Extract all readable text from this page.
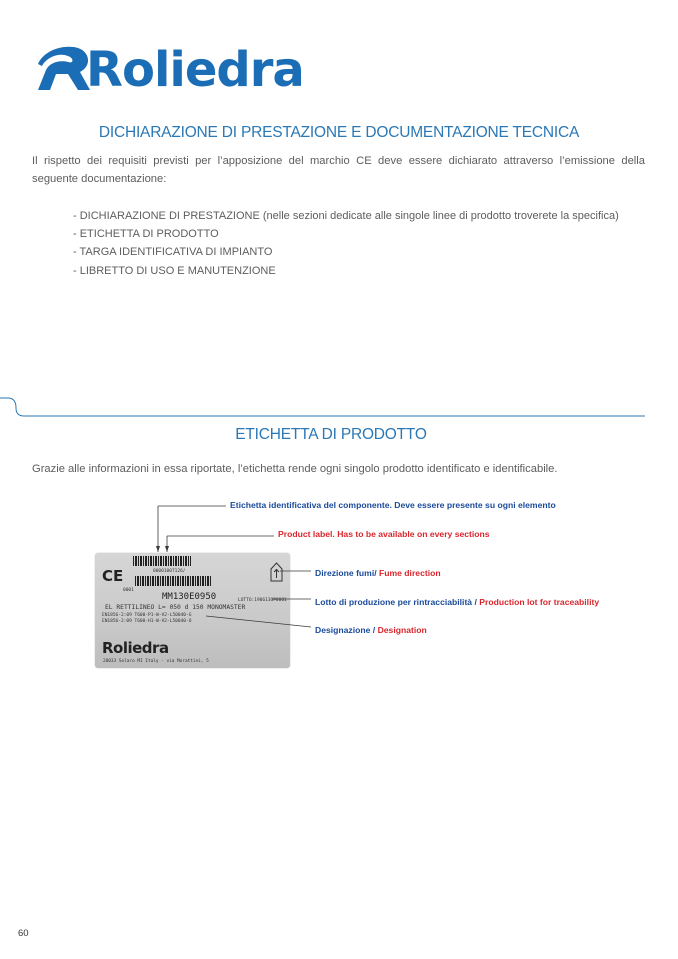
Roliedra
DICHIARAZIONE DI PRESTAZIONE E DOCUMENTAZIONE TECNICA
Il rispetto dei requisiti previsti per l’apposizione del marchio CE deve essere dichiarato attraverso l’emissione della seguente documentazione:
- DICHIARAZIONE DI PRESTAZIONE (nelle sezioni dedicate alle singole linee di prodotto troverete la specifica)
- ETICHETTA DI PRODOTTO
- TARGA IDENTIFICATIVA DI IMPIANTO
- LIBRETTO DI USO E MANUTENZIONE
ETICHETTA DI PRODOTTO
Grazie alle informazioni in essa riportate, l’etichetta rende ogni singolo prodotto identificato e identificabile.
00001007126/
CE
0001
MM130E0950	LOTTO:190613OP0001
EL RETTILINEO L= 050 d 150 MONOMASTER
EN1856-2:09 T600-P1-W-V2-L50040-G
EN1856-2:09 T600-H1-W-V2-L50040-O
Roliedra
20033 Solaro MI Italy - via Morattini, 5
Etichetta identificativa del componente. Deve essere presente su ogni elemento
Product label. Has to be available on every sections
Direzione fumi/ Fume direction
Lotto di produzione per rintracciabilità / Production lot for traceability
Designazione / Designation
60
